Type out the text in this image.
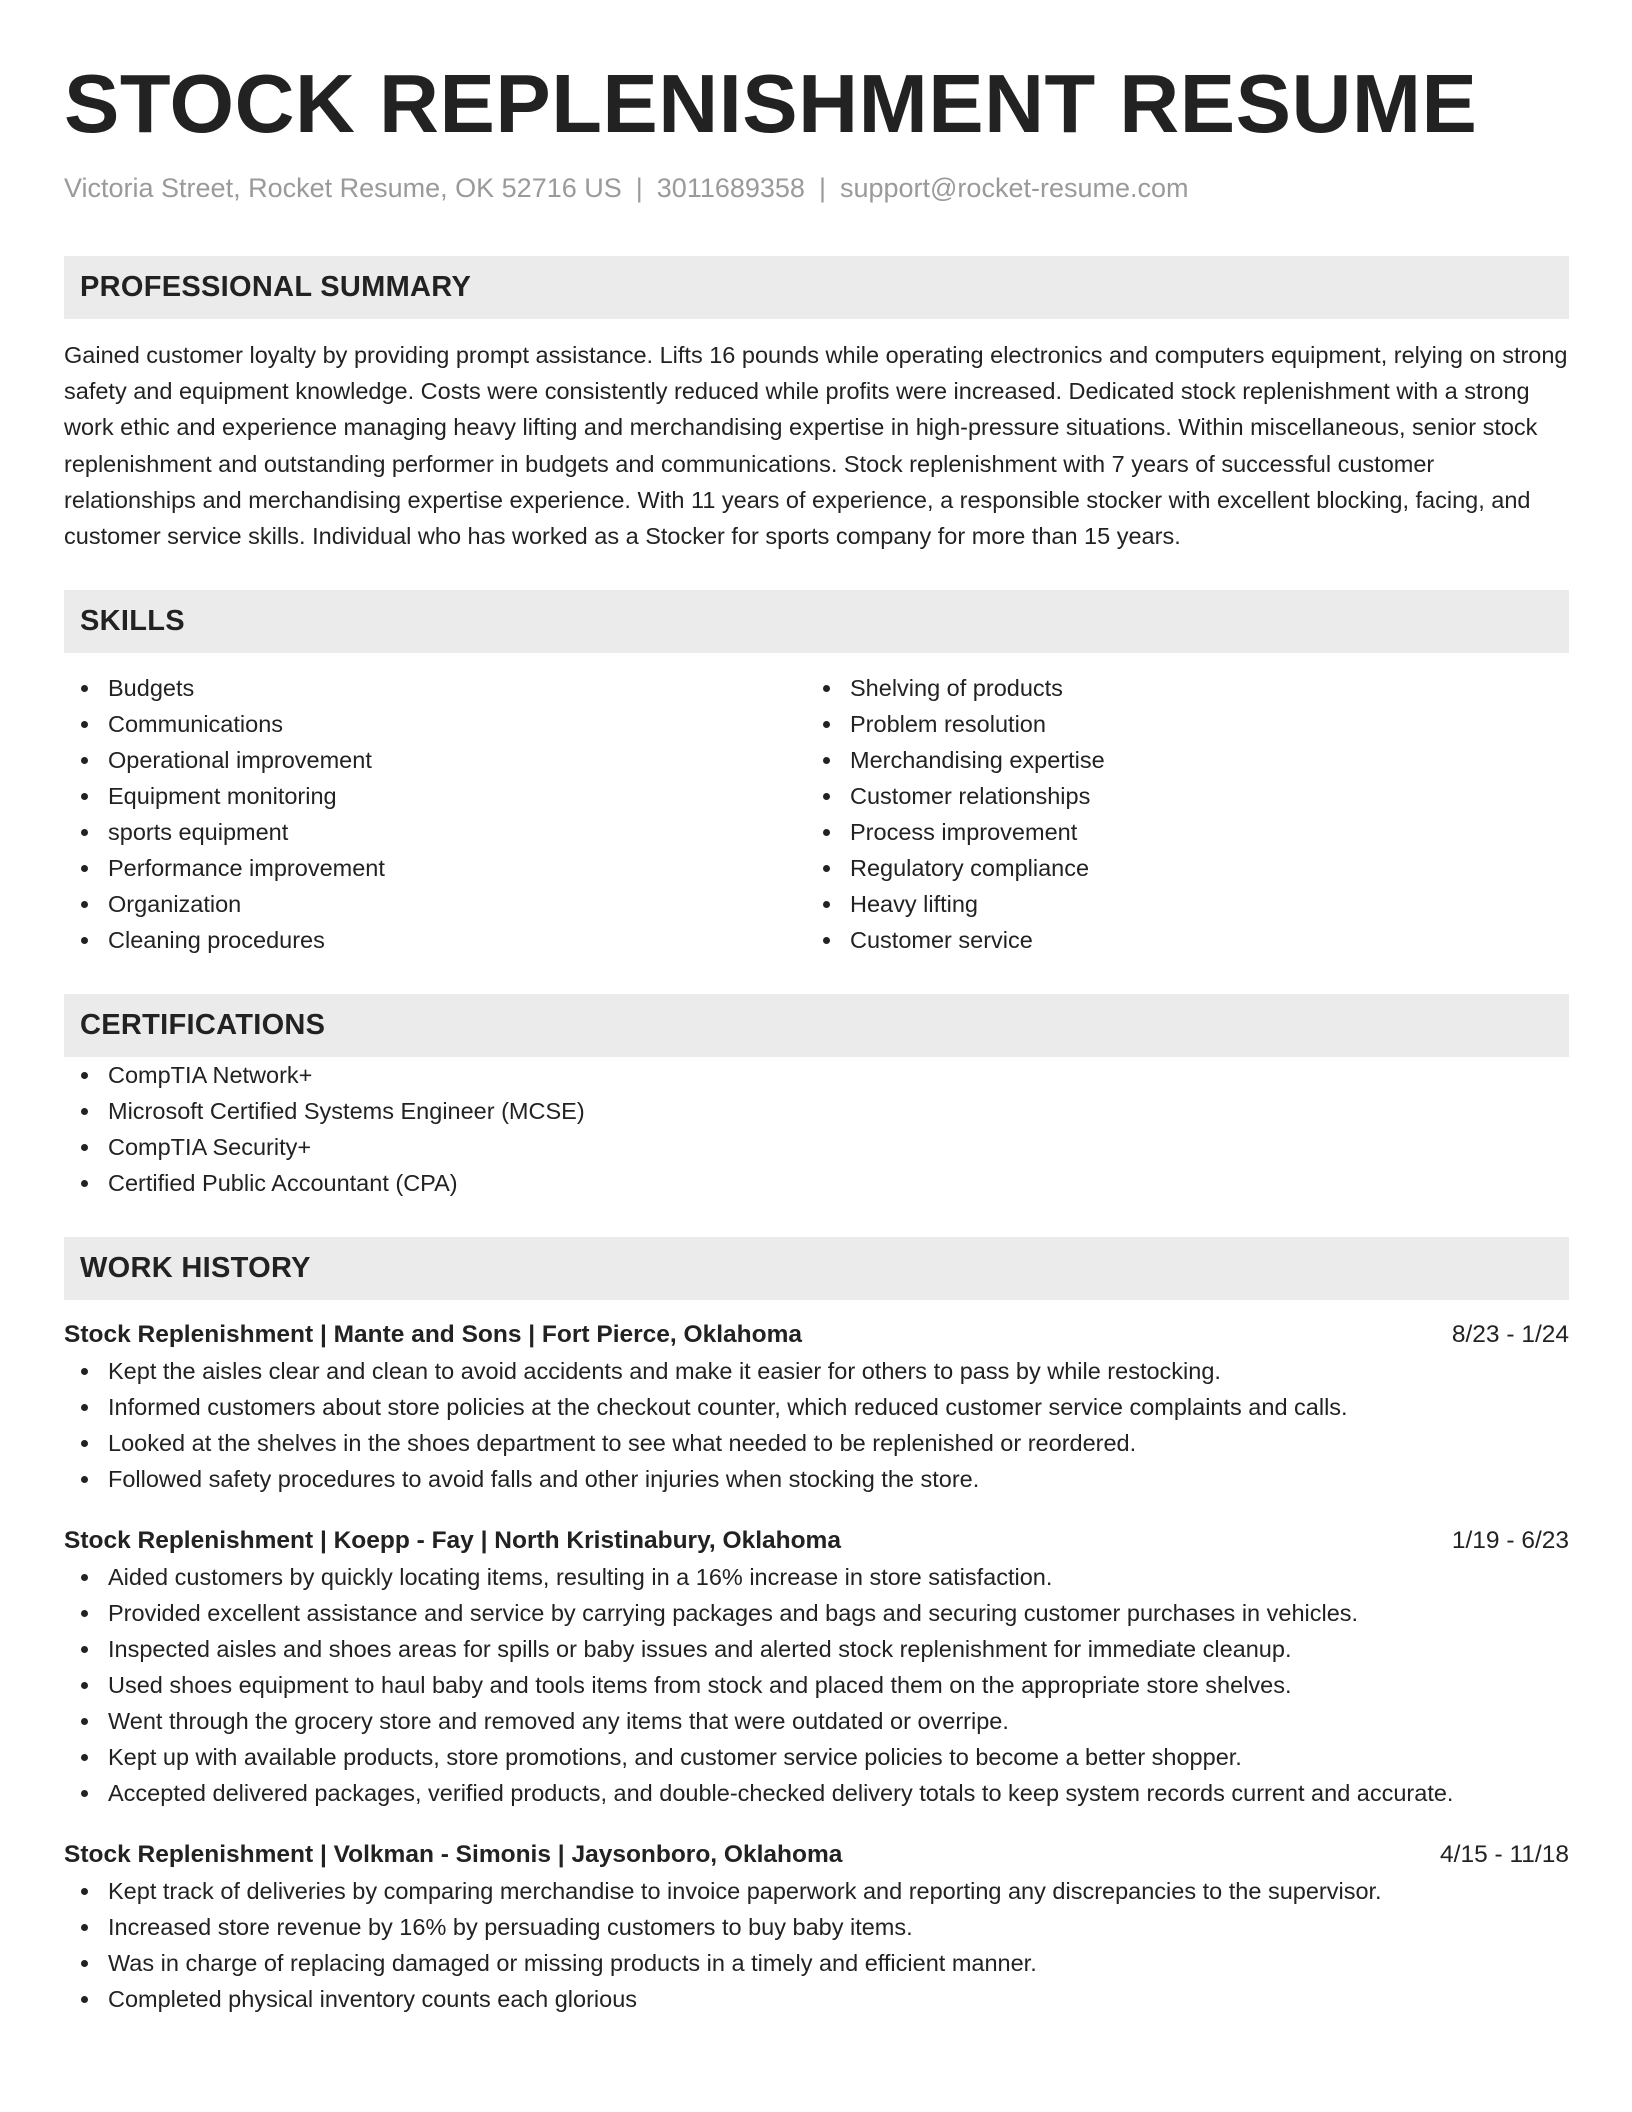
STOCK REPLENISHMENT RESUME
Victoria Street, Rocket Resume, OK 52716 US | 3011689358 | support@rocket-resume.com
PROFESSIONAL SUMMARY

Gained customer loyalty by providing prompt assistance. Lifts 16 pounds while operating electronics and computers equipment, relying on strong safety and equipment knowledge. Costs were consistently reduced while profits were increased. Dedicated stock replenishment with a strong work ethic and experience managing heavy lifting and merchandising expertise in high-pressure situations. Within miscellaneous, senior stock replenishment and outstanding performer in budgets and communications. Stock replenishment with 7 years of successful customer relationships and merchandising expertise experience. With 11 years of experience, a responsible stocker with excellent blocking, facing, and customer service skills. Individual who has worked as a Stocker for sports company for more than 15 years.

SKILLS
Budgets
Communications
Operational improvement
Equipment monitoring
sports equipment
Performance improvement
Organization
Cleaning procedures
Shelving of products
Problem resolution
Merchandising expertise
Customer relationships
Process improvement
Regulatory compliance
Heavy lifting
Customer service
CERTIFICATIONS
CompTIA Network+
Microsoft Certified Systems Engineer (MCSE)
CompTIA Security+
Certified Public Accountant (CPA)
WORK HISTORY
Stock Replenishment | Mante and Sons | Fort Pierce, Oklahoma	8/23 - 1/24
Kept the aisles clear and clean to avoid accidents and make it easier for others to pass by while restocking.
Informed customers about store policies at the checkout counter, which reduced customer service complaints and calls.
Looked at the shelves in the shoes department to see what needed to be replenished or reordered.
Followed safety procedures to avoid falls and other injuries when stocking the store.
Stock Replenishment | Koepp - Fay | North Kristinabury, Oklahoma	1/19 - 6/23
Aided customers by quickly locating items, resulting in a 16% increase in store satisfaction.
Provided excellent assistance and service by carrying packages and bags and securing customer purchases in vehicles.
Inspected aisles and shoes areas for spills or baby issues and alerted stock replenishment for immediate cleanup.
Used shoes equipment to haul baby and tools items from stock and placed them on the appropriate store shelves.
Went through the grocery store and removed any items that were outdated or overripe.
Kept up with available products, store promotions, and customer service policies to become a better shopper.
Accepted delivered packages, verified products, and double-checked delivery totals to keep system records current and accurate.
Stock Replenishment | Volkman - Simonis | Jaysonboro, Oklahoma	4/15 - 11/18
Kept track of deliveries by comparing merchandise to invoice paperwork and reporting any discrepancies to the supervisor.
Increased store revenue by 16% by persuading customers to buy baby items.
Was in charge of replacing damaged or missing products in a timely and efficient manner.
Completed physical inventory counts each glorious
